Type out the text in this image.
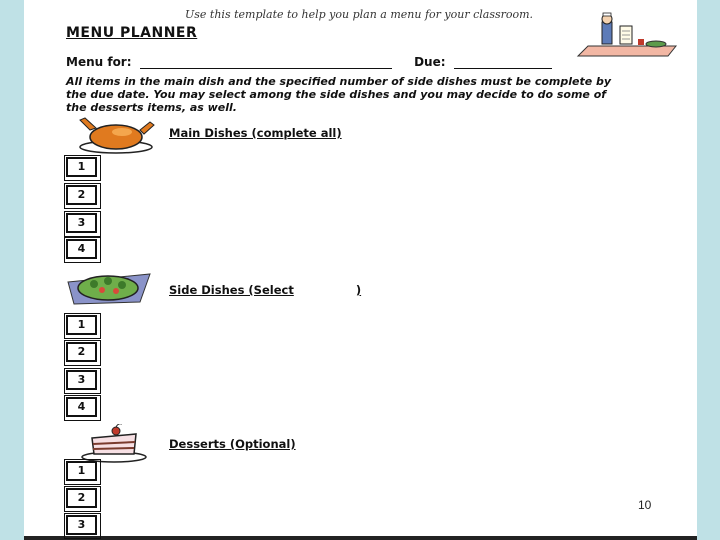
Use this template to help you plan a menu for your classroom.
MENU PLANNER
Menu for:	Due:
All items in the main dish and the specified number of side dishes must be complete by the due date. You may select among the side dishes and you may decide to do some of the desserts items, as well.
Main Dishes (complete all)
1
2
3
4
Side Dishes (Select	)
1
2
3
4
Desserts (Optional)
1
2
3
10
